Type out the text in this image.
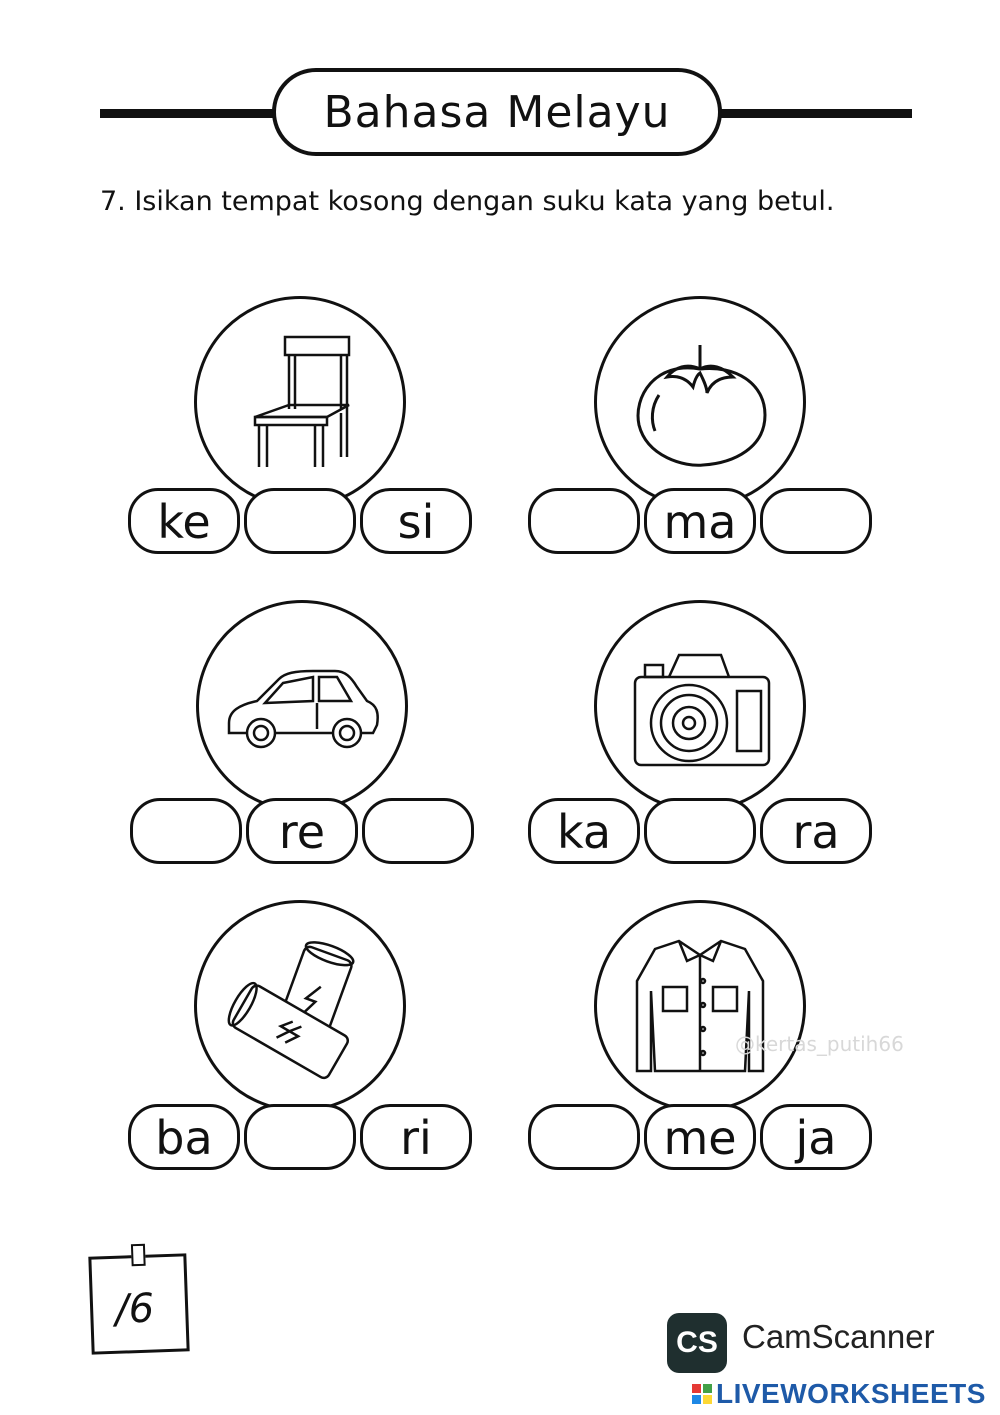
Bahasa Melayu
7. Isikan tempat kosong dengan suku kata yang betul.
ke	si	ma
re	ka	ra
ba	ri	me	ja
@kertas_putih66
/6
CS CamScanner
LIVEWORKSHEETS
